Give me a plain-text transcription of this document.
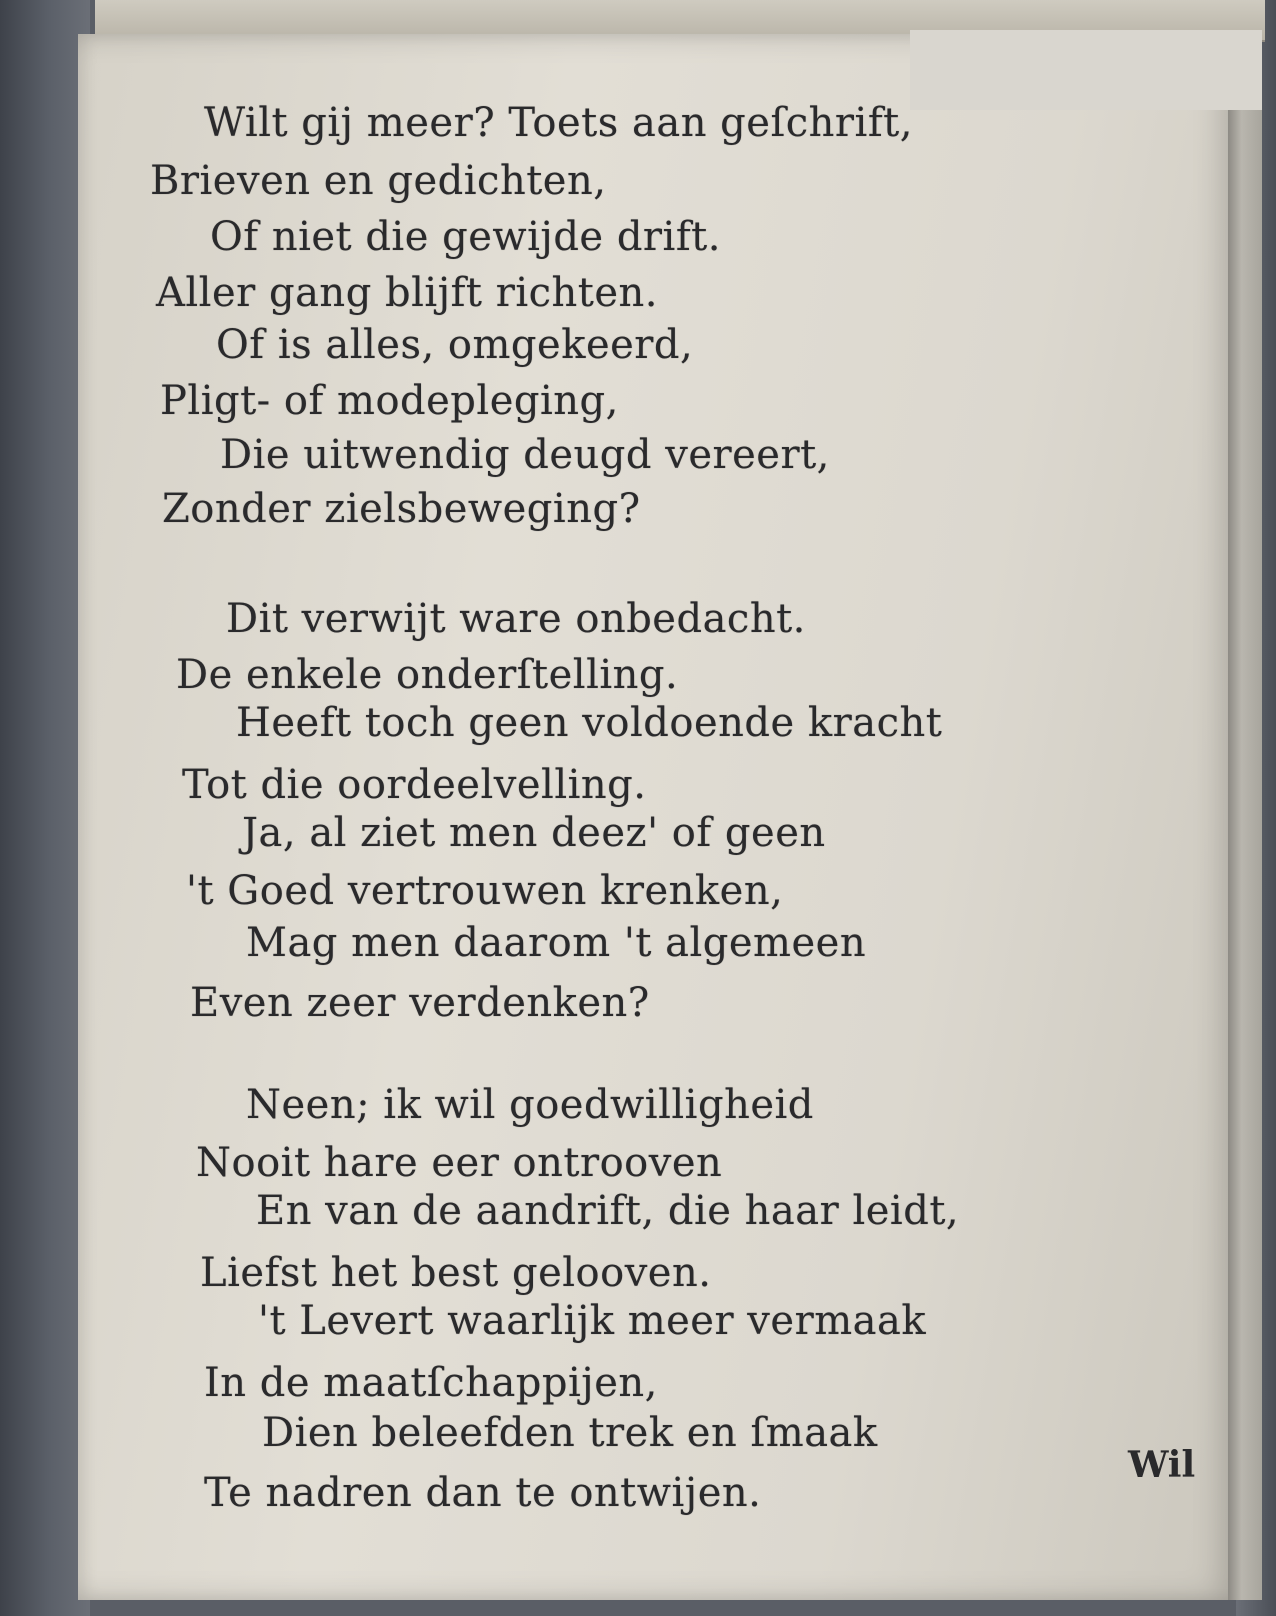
Wilt gij meer? Toets aan geſchrift,
Brieven en gedichten,
Of niet die gewijde drift.
Aller gang blijft richten.
Of is alles, omgekeerd,
Pligt- of modepleging,
Die uitwendig deugd vereert,
Zonder zielsbeweging?
Dit verwijt ware onbedacht.
De enkele onderſtelling.
Heeft toch geen voldoende kracht
Tot die oordeelvelling.
Ja, al ziet men deez' of geen
't Goed vertrouwen krenken,
Mag men daarom 't algemeen
Even zeer verdenken?
Neen; ik wil goedwilligheid
Nooit hare eer ontrooven
En van de aandrift, die haar leidt,
Liefst het best gelooven.
't Levert waarlijk meer vermaak
In de maatſchappijen,
Dien beleefden trek en ſmaak
Te nadren dan te ontwijen.
Wil
